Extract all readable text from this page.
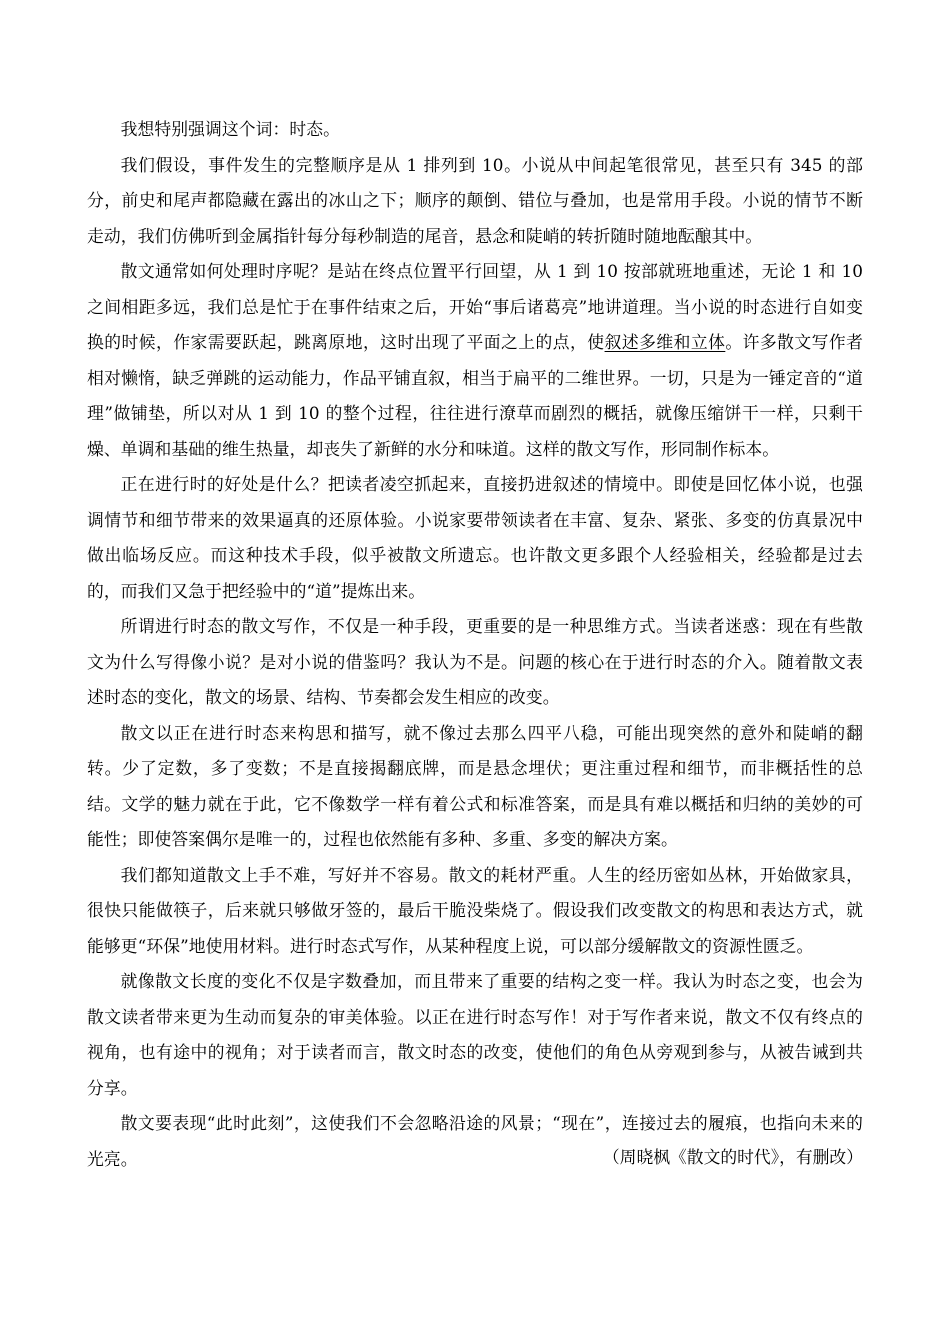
我想特别强调这个词：时态。

我们假设，事件发生的完整顺序是从 1 排列到 10。小说从中间起笔很常见，甚至只有 345 的部分，前史和尾声都隐藏在露出的冰山之下；顺序的颠倒、错位与叠加，也是常用手段。小说的情节不断走动，我们仿佛听到金属指针每分每秒制造的尾音，悬念和陡峭的转折随时随地酝酿其中。

散文通常如何处理时序呢？是站在终点位置平行回望，从 1 到 10 按部就班地重述，无论 1 和 10 之间相距多远，我们总是忙于在事件结束之后，开始“事后诸葛亮”地讲道理。当小说的时态进行自如变换的时候，作家需要跃起，跳离原地，这时出现了平面之上的点，使叙述多维和立体。许多散文写作者相对懒惰，缺乏弹跳的运动能力，作品平铺直叙，相当于扁平的二维世界。一切，只是为一锤定音的“道理”做铺垫，所以对从 1 到 10 的整个过程，往往进行潦草而剧烈的概括，就像压缩饼干一样，只剩干燥、单调和基础的维生热量，却丧失了新鲜的水分和味道。这样的散文写作，形同制作标本。

正在进行时的好处是什么？把读者凌空抓起来，直接扔进叙述的情境中。即使是回忆体小说，也强调情节和细节带来的效果逼真的还原体验。小说家要带领读者在丰富、复杂、紧张、多变的仿真景况中做出临场反应。而这种技术手段，似乎被散文所遗忘。也许散文更多跟个人经验相关，经验都是过去的，而我们又急于把经验中的“道”提炼出来。

所谓进行时态的散文写作，不仅是一种手段，更重要的是一种思维方式。当读者迷惑：现在有些散文为什么写得像小说？是对小说的借鉴吗？我认为不是。问题的核心在于进行时态的介入。随着散文表述时态的变化，散文的场景、结构、节奏都会发生相应的改变。

散文以正在进行时态来构思和描写，就不像过去那么四平八稳，可能出现突然的意外和陡峭的翻转。少了定数，多了变数；不是直接揭翻底牌，而是悬念埋伏；更注重过程和细节，而非概括性的总结。文学的魅力就在于此，它不像数学一样有着公式和标准答案，而是具有难以概括和归纳的美妙的可能性；即使答案偶尔是唯一的，过程也依然能有多种、多重、多变的解决方案。

我们都知道散文上手不难，写好并不容易。散文的耗材严重。人生的经历密如丛林，开始做家具，很快只能做筷子，后来就只够做牙签的，最后干脆没柴烧了。假设我们改变散文的构思和表达方式，就能够更“环保”地使用材料。进行时态式写作，从某种程度上说，可以部分缓解散文的资源性匮乏。

就像散文长度的变化不仅是字数叠加，而且带来了重要的结构之变一样。我认为时态之变，也会为散文读者带来更为生动而复杂的审美体验。以正在进行时态写作！对于写作者来说，散文不仅有终点的视角，也有途中的视角；对于读者而言，散文时态的改变，使他们的角色从旁观到参与，从被告诫到共分享。

散文要表现“此时此刻”，这使我们不会忽略沿途的风景；“现在”，连接过去的履痕，也指向未来的光亮。	（周晓枫《散文的时代》，有删改）
